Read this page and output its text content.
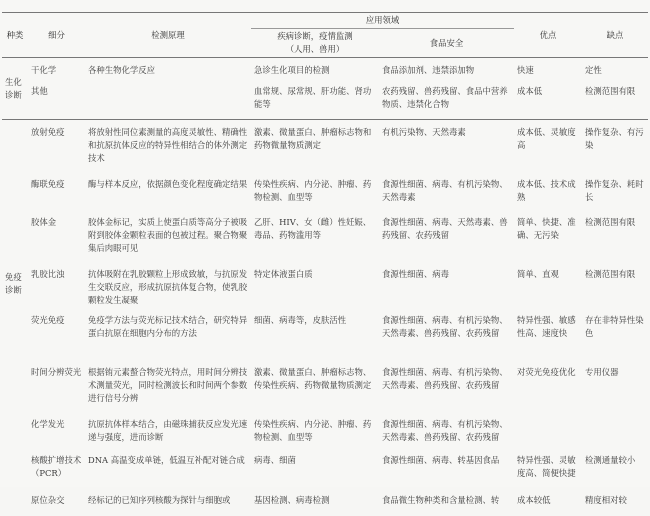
种类	细分	检测原理	应用领域		优点	缺点

			疾病诊断，疫情监测
（人用、兽用）	食品安全		
生化诊断	干化学	各种生物化学反应	急诊生化项目的检测	食品添加剂、违禁添加物	快速	定性
	其他		血常规、尿常规、肝功能、肾功能等	农药残留、兽药残留、食品中营养物质、违禁化合物	成本低	检测范围有限
免疫诊断	放射免疫	将放射性同位素测量的高度灵敏性、精确性和抗原抗体反应的特异性相结合的体外测定技术	激素、微量蛋白、肿瘤标志物和药物微量物质测定	有机污染物、天然毒素	成本低、灵敏度高	操作复杂、有污染
	酶联免疫	酶与样本反应，依据颜色变化程度确定结果	传染性疾病、内分泌、肿瘤、药物检测、血型等	食源性细菌、病毒、有机污染物、天然毒素	成本低、技术成熟	操作复杂、耗时长
	胶体金	胶体金标记，实质上使蛋白质等高分子被吸附到胶体金颗粒表面的包被过程。聚合物聚集后肉眼可见	乙肝、HIV、女（雌）性妊娠、毒品、药物滥用等	食源性细菌、病毒、天然毒素、兽药残留、农药残留	简单、快捷、准确、无污染	检测范围有限
	乳胶比浊	抗体吸附在乳胶颗粒上形成致敏，与抗原发生交联反应，形成抗原抗体复合物，使乳胶颗粒发生凝聚	特定体液蛋白质	食源性细菌、病毒	简单、直观	检测范围有限
	荧光免疫	免疫学方法与荧光标记技术结合，研究特异蛋白抗原在细胞内分布的方法	细菌、病毒等，皮肤活性	食源性细菌、病毒、有机污染物、天然毒素、兽药残留、农药残留	特异性强、敏感性高、速度快	存在非特异性染色
	时间分辨荧光	根据铕元素螯合物荧光特点，用时间分辨技术测量荧光，同时检测波长和时间两个参数进行信号分辨	激素、微量蛋白、肿瘤标志物、传染性疾病、药物微量物质测定	食源性细菌、病毒、有机污染物、天然毒素、兽药残留、农药残留	对荧光免疫优化	专用仪器
	化学发光	抗原抗体样本结合，由磁珠捕获反应发光速递与强度，进而诊断	传染性疾病、内分泌、肿瘤、药物检测、血型等	食源性细菌、病毒、有机污染物、天然毒素、兽药残留、农药残留		
	核酸扩增技术（PCR）	DNA 高温变成单链，低温互补配对链合成	病毒、细菌	食源性细菌、病毒、转基因食品	特异性强、灵敏度高、简便快捷	检测通量较小
	原位杂交	经标记的已知序列核酸为探针与细胞或	基因检测、病毒检测	食品微生物种类和含量检测、转	成本较低	精度相对较
